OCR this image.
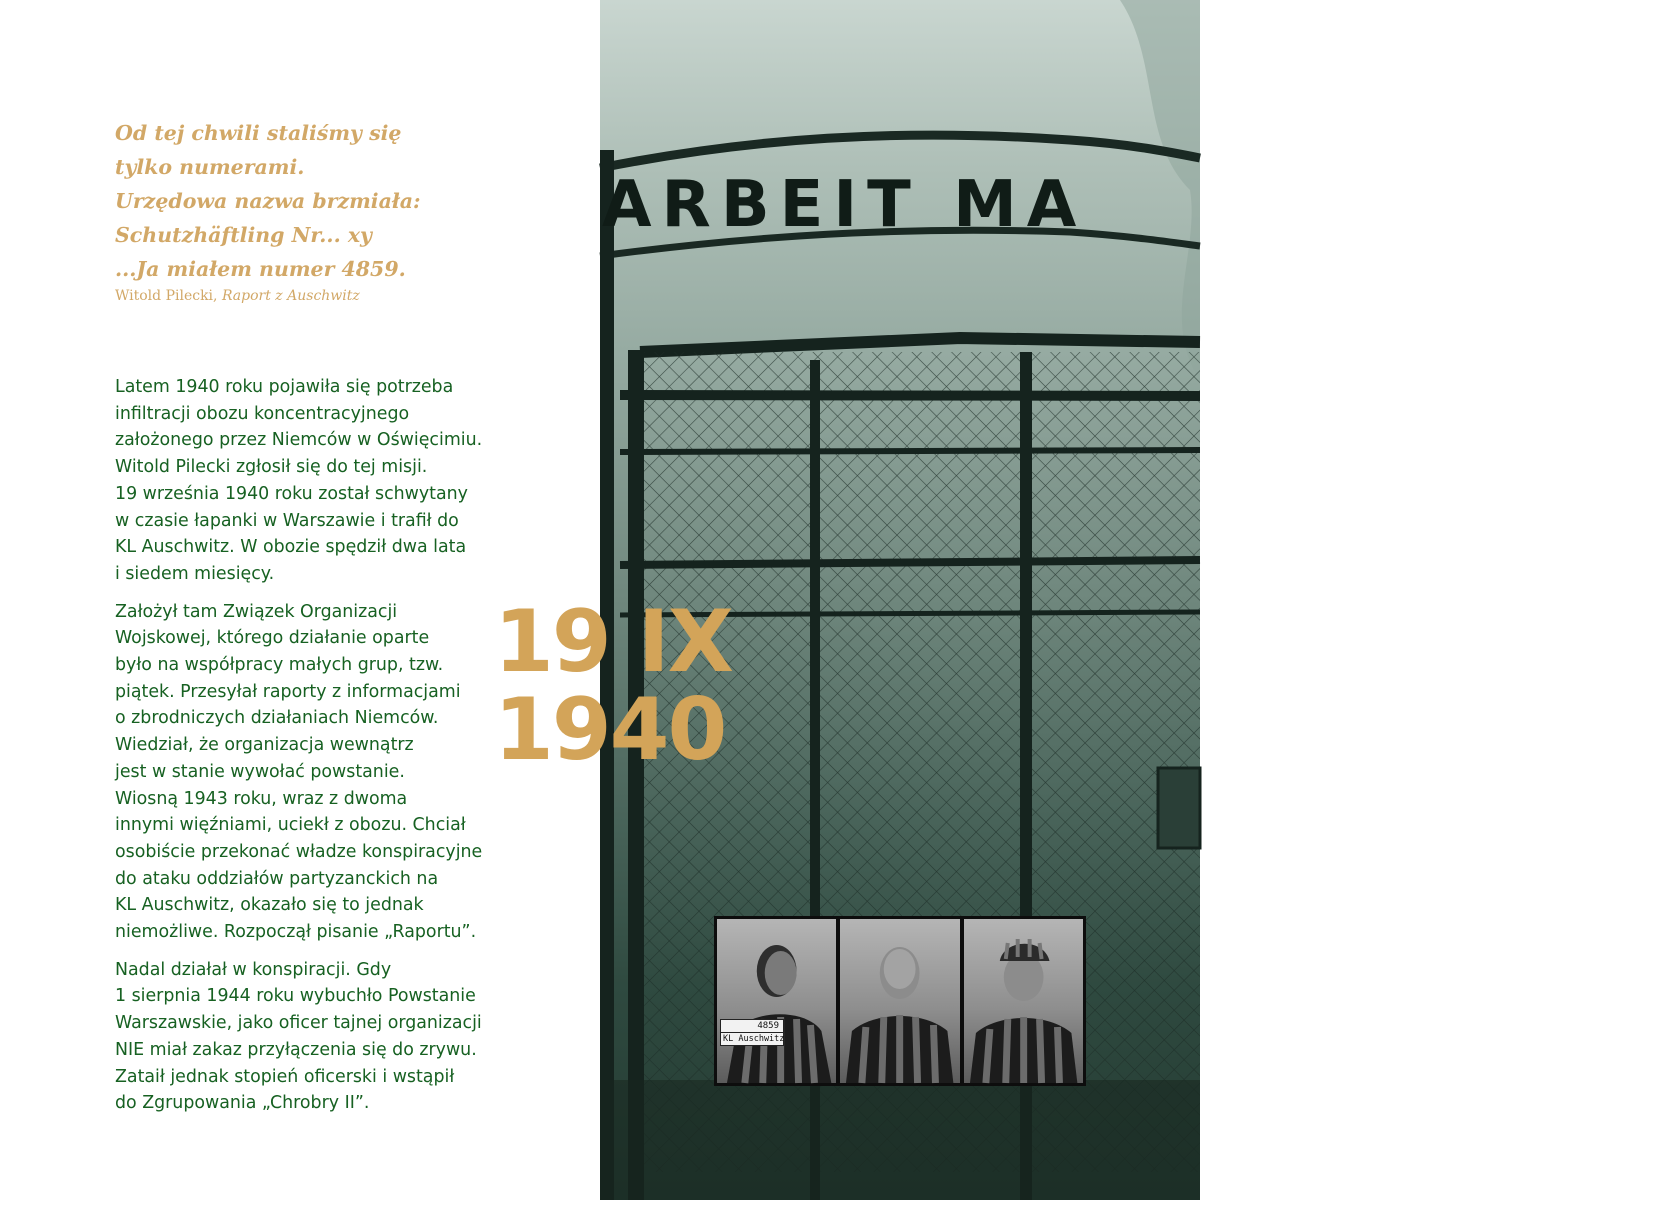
Od tej chwili staliśmy się
tylko numerami.
Urzędowa nazwa brzmiała:
Schutzhäftling Nr... xy
...Ja miałem numer 4859.

Witold Pilecki, Raport z Auschwitz

Latem 1940 roku pojawiła się potrzeba
infiltracji obozu koncentracyjnego
założonego przez Niemców w Oświęcimiu.
Witold Pilecki zgłosił się do tej misji.
19 września 1940 roku został schwytany
w czasie łapanki w Warszawie i trafił do
KL Auschwitz. W obozie spędził dwa lata
i siedem miesięcy.

Założył tam Związek Organizacji
Wojskowej, którego działanie oparte
było na współpracy małych grup, tzw.
piątek. Przesyłał raporty z informacjami
o zbrodniczych działaniach Niemców.
Wiedział, że organizacja wewnątrz
jest w stanie wywołać powstanie.
Wiosną 1943 roku, wraz z dwoma
innymi więźniami, uciekł z obozu. Chciał
osobiście przekonać władze konspiracyjne
do ataku oddziałów partyzanckich na
KL Auschwitz, okazało się to jednak
niemożliwe. Rozpoczął pisanie „Raportu”.

Nadal działał w konspiracji. Gdy
1 sierpnia 1944 roku wybuchło Powstanie
Warszawskie, jako oficer tajnej organizacji
NIE miał zakaz przyłączenia się do zrywu.
Zataił jednak stopień oficerski i wstąpił
do Zgrupowania „Chrobry II”.

ARBEIT MA
Zdjęcie sygnalityczne Witolda Pieckiego z KL Auschwitz z 1940 roku,
zbiory Miejsce Pamięci i Muzeum Auschwitz-Birkenau
W tle współczesna fotografia bramy obozu, fot. Krzysztof Miszułowicz
4859
KL Auschwitz
19 IX
1940
